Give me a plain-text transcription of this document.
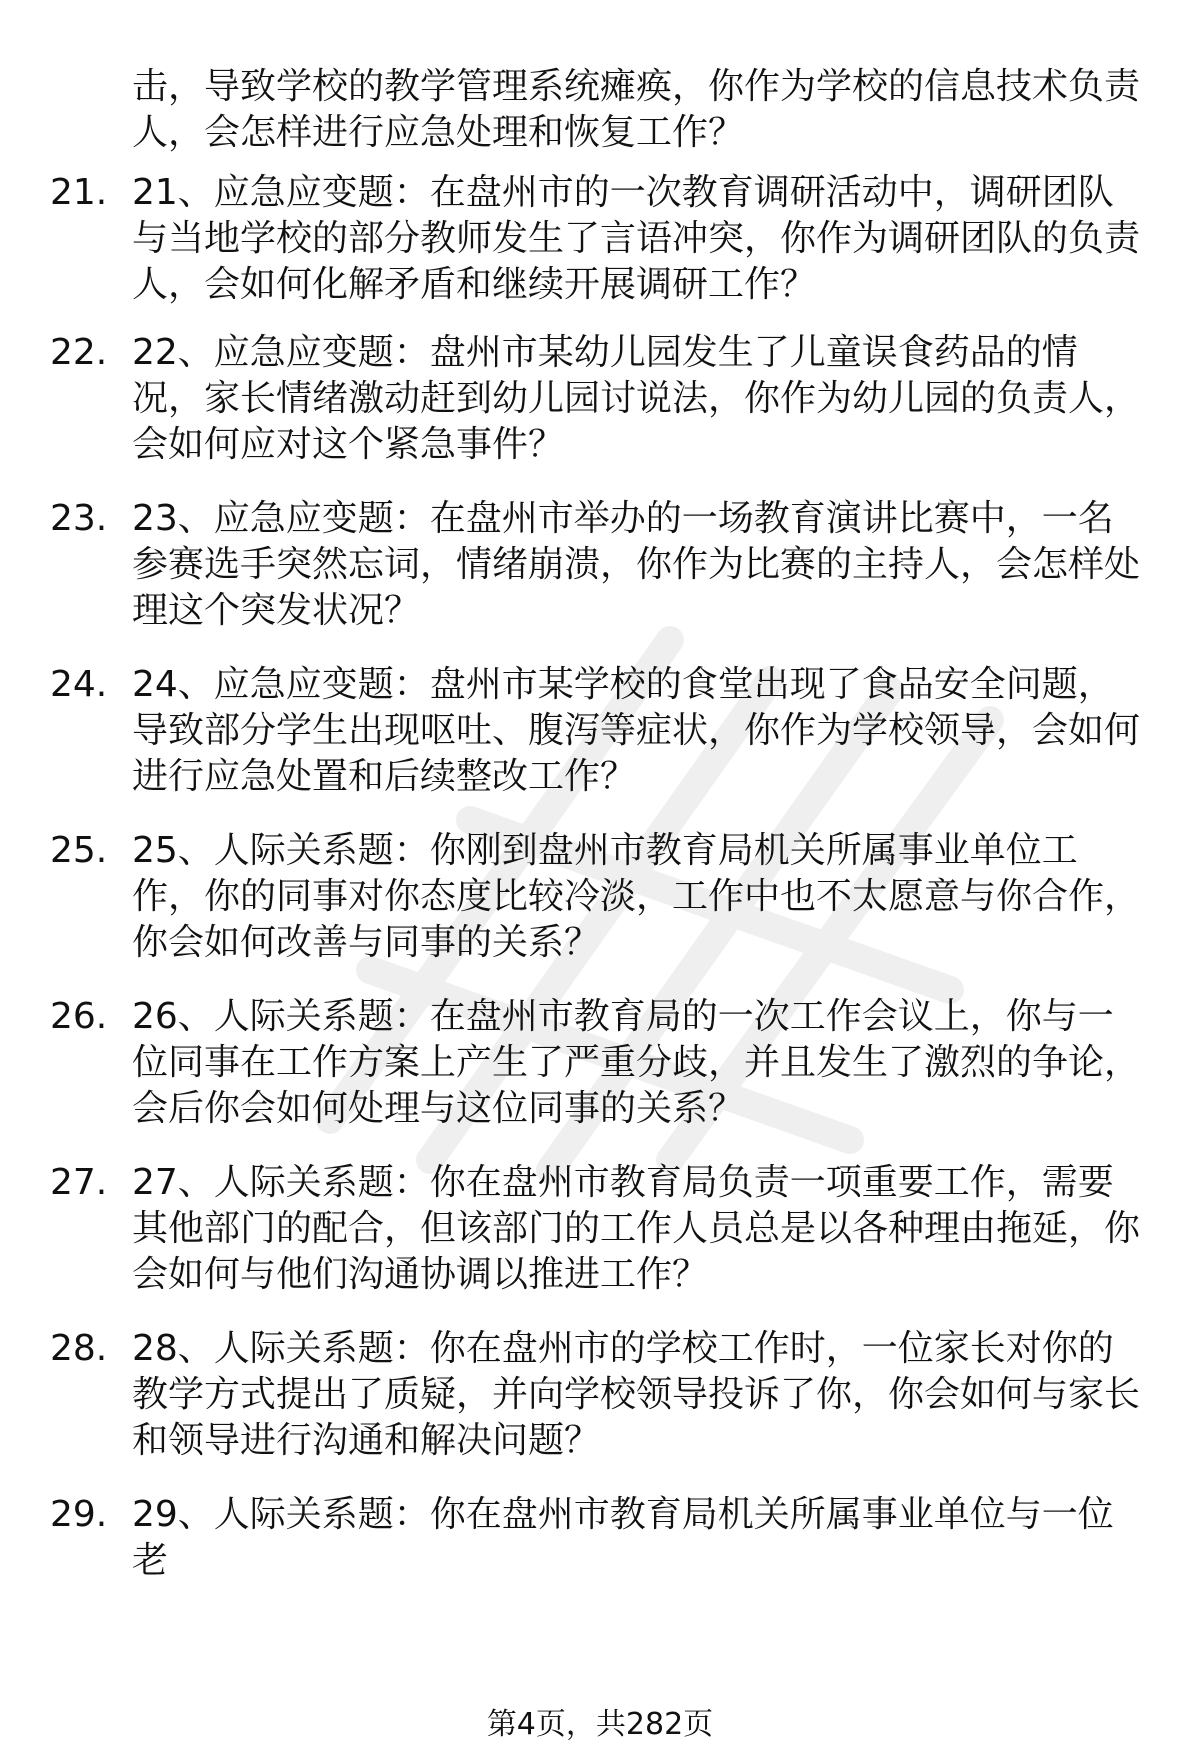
击，导致学校的教学管理系统瘫痪，你作为学校的信息技术负责人，会怎样进行应急处理和恢复工作？
21. 21、应急应变题：在盘州市的一次教育调研活动中，调研团队与当地学校的部分教师发生了言语冲突，你作为调研团队的负责人，会如何化解矛盾和继续开展调研工作？
22. 22、应急应变题：盘州市某幼儿园发生了儿童误食药品的情况，家长情绪激动赶到幼儿园讨说法，你作为幼儿园的负责人，会如何应对这个紧急事件？
23. 23、应急应变题：在盘州市举办的一场教育演讲比赛中，一名参赛选手突然忘词，情绪崩溃，你作为比赛的主持人，会怎样处理这个突发状况？
24. 24、应急应变题：盘州市某学校的食堂出现了食品安全问题，导致部分学生出现呕吐、腹泻等症状，你作为学校领导，会如何进行应急处置和后续整改工作？
25. 25、人际关系题：你刚到盘州市教育局机关所属事业单位工作，你的同事对你态度比较冷淡，工作中也不太愿意与你合作，你会如何改善与同事的关系？
26. 26、人际关系题：在盘州市教育局的一次工作会议上，你与一位同事在工作方案上产生了严重分歧，并且发生了激烈的争论，会后你会如何处理与这位同事的关系？
27. 27、人际关系题：你在盘州市教育局负责一项重要工作，需要其他部门的配合，但该部门的工作人员总是以各种理由拖延，你会如何与他们沟通协调以推进工作？
28. 28、人际关系题：你在盘州市的学校工作时，一位家长对你的教学方式提出了质疑，并向学校领导投诉了你，你会如何与家长和领导进行沟通和解决问题？
29. 29、人际关系题：你在盘州市教育局机关所属事业单位与一位老
第4页，共282页
